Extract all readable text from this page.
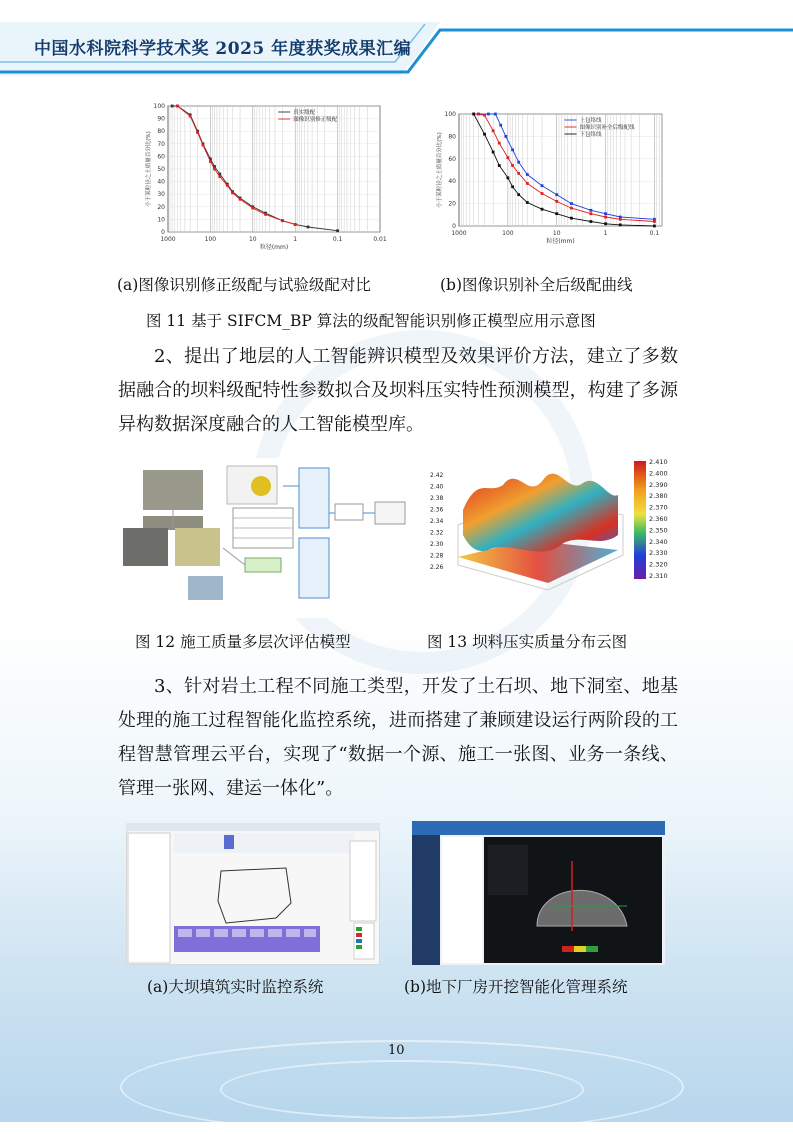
中国水科院科学技术奖 2025 年度获奖成果汇编
0
10
20
30
40
50
60
70
80
90
100
1000	100	10	1	0.1	0.01
粒径(mm)
小于某粒径之土质量百分比(%)
真实级配
图像识别修正级配
0
20
40
60
80
100
1000	100	10	1	0.1
粒径(mm)
小于某粒径之土质量百分比(%)
上包络线
图像识别补全后级配线
下包络线
(a)图像识别修正级配与试验级配对比	(b)图像识别补全后级配曲线
图 11 基于 SIFCM_BP 算法的级配智能识别修正模型应用示意图
2、提出了地层的人工智能辨识模型及效果评价方法，建立了多数据融合的坝料级配特性参数拟合及坝料压实特性预测模型，构建了多源异构数据深度融合的人工智能模型库。
2.410
2.400
2.390
2.380
2.370
2.360
2.350
2.340
2.330
2.320
2.310
2.42
2.40
2.38
2.36
2.34
2.32
2.30
2.28
2.26
图 12 施工质量多层次评估模型	图 13 坝料压实质量分布云图
3、针对岩土工程不同施工类型，开发了土石坝、地下洞室、地基处理的施工过程智能化监控系统，进而搭建了兼顾建设运行两阶段的工程智慧管理云平台，实现了“数据一个源、施工一张图、业务一条线、管理一张网、建运一体化”。
(a)大坝填筑实时监控系统	(b)地下厂房开挖智能化管理系统
10
